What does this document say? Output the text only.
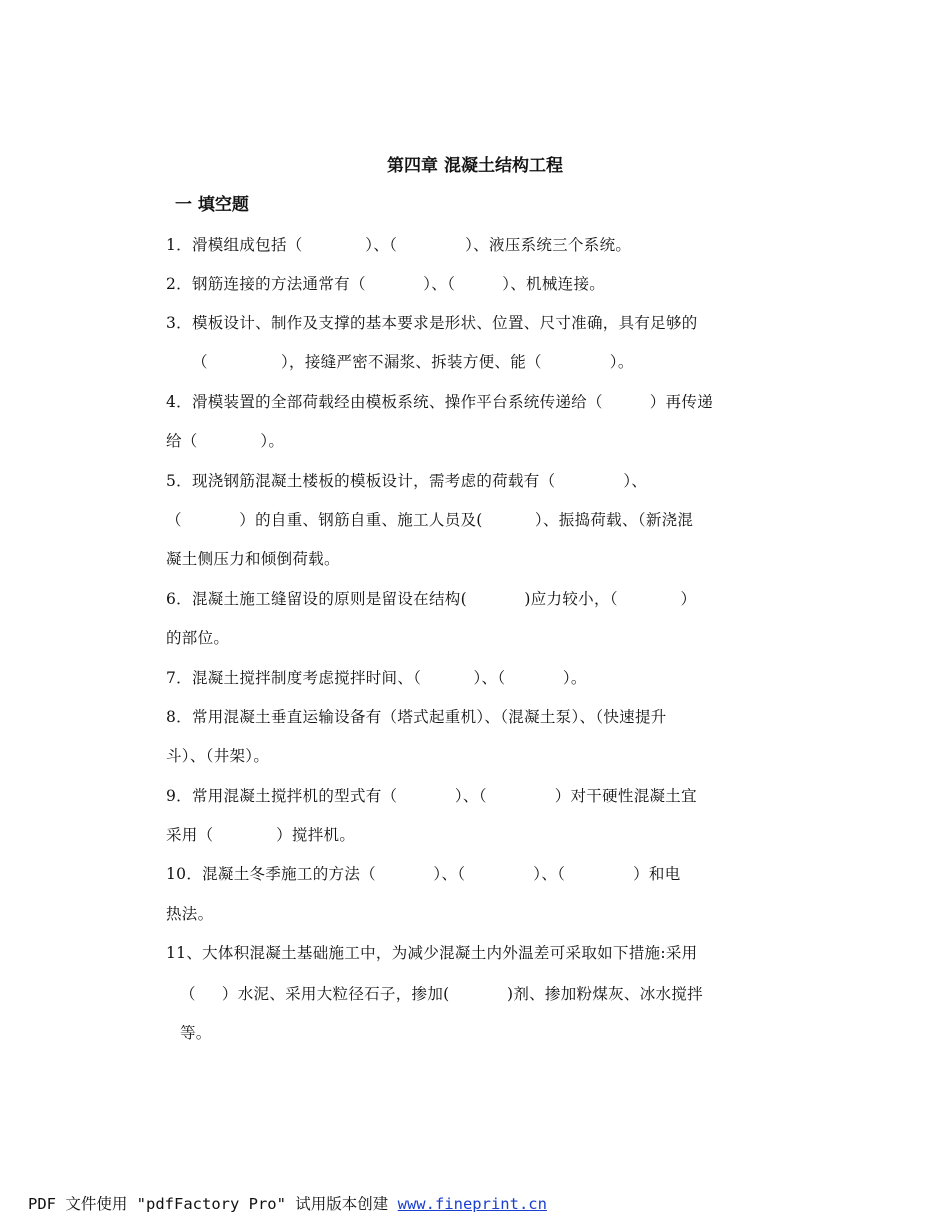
第四章 混凝土结构工程
一 填空题
1．滑模组成包括（            ）、（             ）、液压系统三个系统。
2．钢筋连接的方法通常有（           ）、（         ）、机械连接。
3．模板设计、制作及支撑的基本要求是形状、位置、尺寸准确，具有足够的
（              ），接缝严密不漏浆、拆装方便、能（             ）。
4．滑模装置的全部荷载经由模板系统、操作平台系统传递给（         ）再传递
给（            ）。
5．现浇钢筋混凝土楼板的模板设计，需考虑的荷载有（             ）、
（           ）的自重、钢筋自重、施工人员及(          ）、振捣荷载、（新浇混
凝土侧压力和倾倒荷载。
6．混凝土施工缝留设的原则是留设在结构(           )应力较小，（            ）
的部位。
7．混凝土搅拌制度考虑搅拌时间、（          ）、（           ）。
8．常用混凝土垂直运输设备有（塔式起重机）、（混凝土泵）、（快速提升
斗）、（井架）。
9．常用混凝土搅拌机的型式有（           ）、（             ）对干硬性混凝土宜
采用（            ）搅拌机。
10．混凝土冬季施工的方法（           ）、（             ）、（             ）和电
热法。
11、大体积混凝土基础施工中，为减少混凝土内外温差可采取如下措施:采用
（     ）水泥、采用大粒径石子，掺加(           )剂、掺加粉煤灰、冰水搅拌
等。
PDF 文件使用 "pdfFactory Pro" 试用版本创建 www.fineprint.cn
